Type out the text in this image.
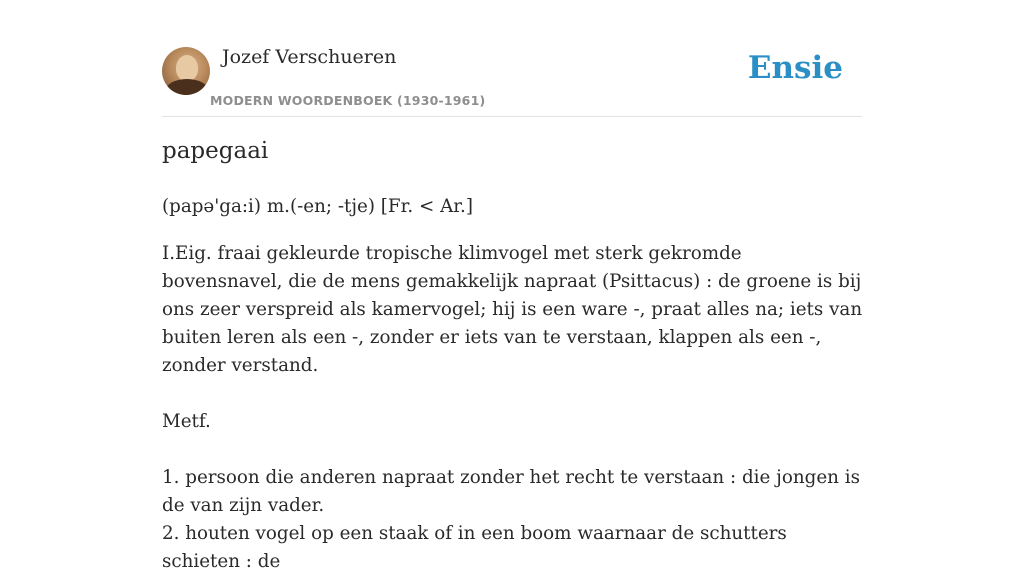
Jozef Verschueren
MODERN WOORDENBOEK (1930-1961)
Ensie
papegaai

(papə'ga:i) m.(-en; -tje) [Fr. < Ar.]

I.Eig. fraai gekleurde tropische klimvogel met sterk gekromde bovensnavel, die de mens gemakkelijk napraat (Psittacus) : de groene is bij ons zeer verspreid als kamervogel; hij is een ware -, praat alles na; iets van buiten leren als een -, zonder er iets van te verstaan, klappen als een -, zonder verstand.

Metf.

1. persoon die anderen napraat zonder het recht te verstaan : die jongen is de van zijn vader.

2. houten vogel op een staak of in een boom waarnaar de schutters schieten : de
